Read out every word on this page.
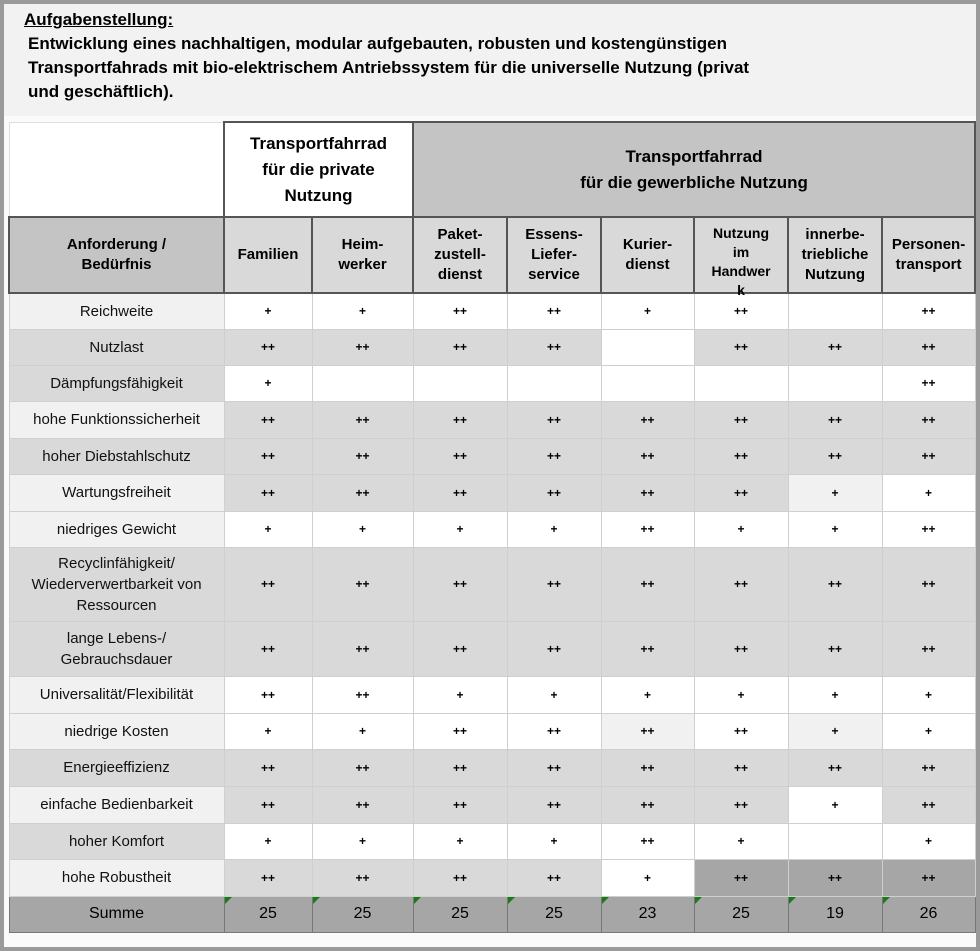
Aufgabenstellung:
Entwicklung eines nachhaltigen, modular aufgebauten, robusten und kostengünstigen
Transportfahrads mit bio-elektrischem Antriebssystem für die universelle Nutzung (privat
und geschäftlich).
	Transportfahrrad
für die private
Nutzung		Transportfahrrad
für die gewerbliche Nutzung					
Anforderung /
Bedürfnis	Familien	Heim-
werker	Paket-
zustell-
dienst	Essens-
Liefer-
service	Kurier-
dienst	Nutzung
im
Handwer
k	innerbe-
triebliche
Nutzung	Personen-
transport
Reichweite	+	+	++	++	+	++		++
Nutzlast	++	++	++	++		++	++	++
Dämpfungsfähigkeit	+							++
hohe Funktionssicherheit	++	++	++	++	++	++	++	++
hoher Diebstahlschutz	++	++	++	++	++	++	++	++
Wartungsfreiheit	++	++	++	++	++	++	+	+
niedriges Gewicht	+	+	+	+	++	+	+	++
Recyclinfähigkeit/
Wiederverwertbarkeit von
Ressourcen	++	++	++	++	++	++	++	++
lange Lebens-/
Gebrauchsdauer	++	++	++	++	++	++	++	++
Universalität/Flexibilität	++	++	+	+	+	+	+	+
niedrige Kosten	+	+	++	++	++	++	+	+
Energieeffizienz	++	++	++	++	++	++	++	++
einfache Bedienbarkeit	++	++	++	++	++	++	+	++
hoher Komfort	+	+	+	+	++	+		+
hohe Robustheit	++	++	++	++	+	++	++	++
Summe	25	25	25	25	23	25	19	26
